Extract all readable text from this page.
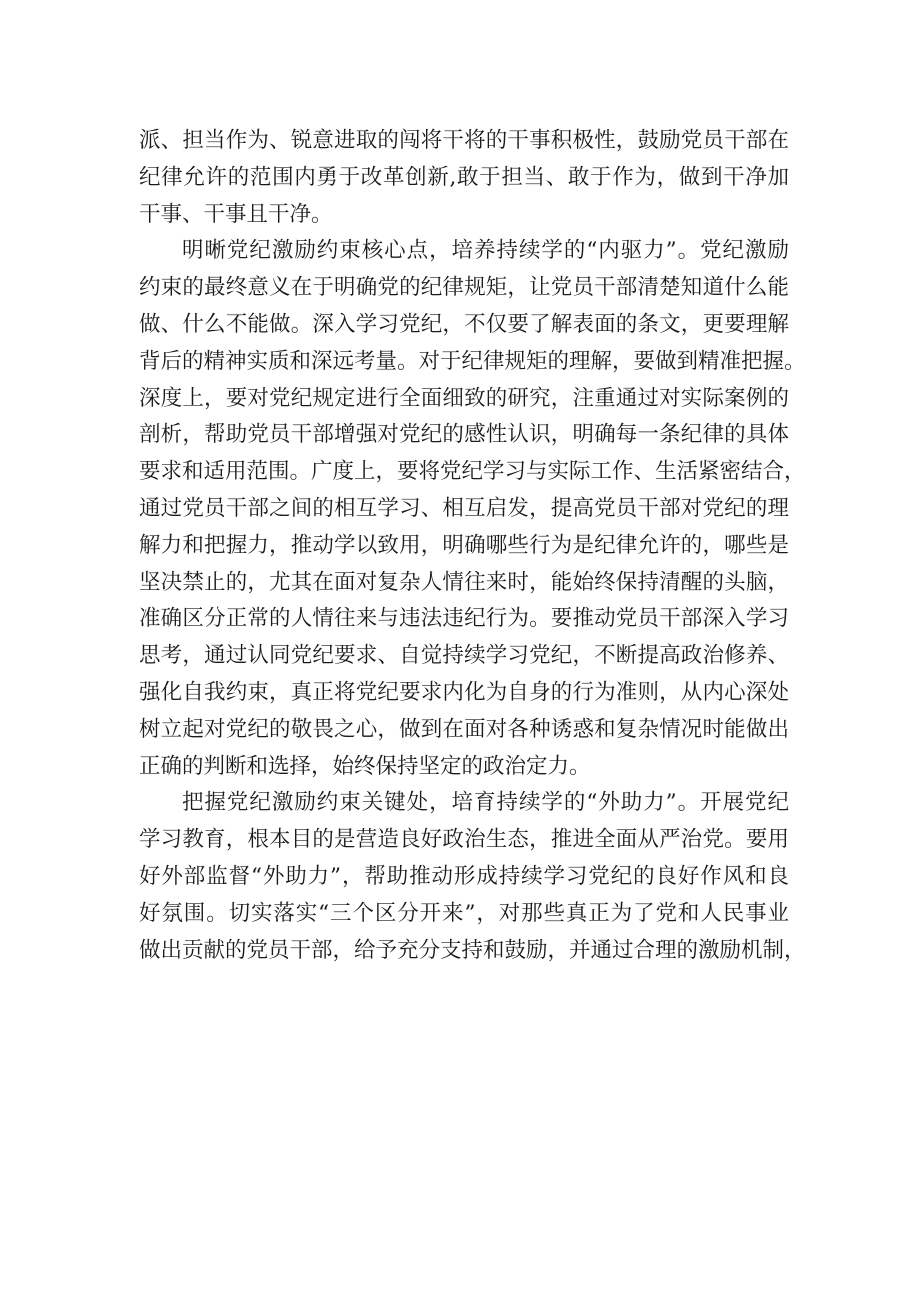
派、担当作为、锐意进取的闯将干将的干事积极性，鼓励党员干部在
纪律允许的范围内勇于改革创新,敢于担当、敢于作为，做到干净加
干事、干事且干净。
明晰党纪激励约束核心点，培养持续学的“内驱力”。党纪激励
约束的最终意义在于明确党的纪律规矩，让党员干部清楚知道什么能
做、什么不能做。深入学习党纪，不仅要了解表面的条文，更要理解
背后的精神实质和深远考量。对于纪律规矩的理解，要做到精准把握。
深度上，要对党纪规定进行全面细致的研究，注重通过对实际案例的
剖析，帮助党员干部增强对党纪的感性认识，明确每一条纪律的具体
要求和适用范围。广度上，要将党纪学习与实际工作、生活紧密结合，
通过党员干部之间的相互学习、相互启发，提高党员干部对党纪的理
解力和把握力，推动学以致用，明确哪些行为是纪律允许的，哪些是
坚决禁止的，尤其在面对复杂人情往来时，能始终保持清醒的头脑，
准确区分正常的人情往来与违法违纪行为。要推动党员干部深入学习
思考，通过认同党纪要求、自觉持续学习党纪，不断提高政治修养、
强化自我约束，真正将党纪要求内化为自身的行为准则，从内心深处
树立起对党纪的敬畏之心，做到在面对各种诱惑和复杂情况时能做出
正确的判断和选择，始终保持坚定的政治定力。
把握党纪激励约束关键处，培育持续学的“外助力”。开展党纪
学习教育，根本目的是营造良好政治生态，推进全面从严治党。要用
好外部监督“外助力”，帮助推动形成持续学习党纪的良好作风和良
好氛围。切实落实“三个区分开来”，对那些真正为了党和人民事业
做出贡献的党员干部，给予充分支持和鼓励，并通过合理的激励机制，
